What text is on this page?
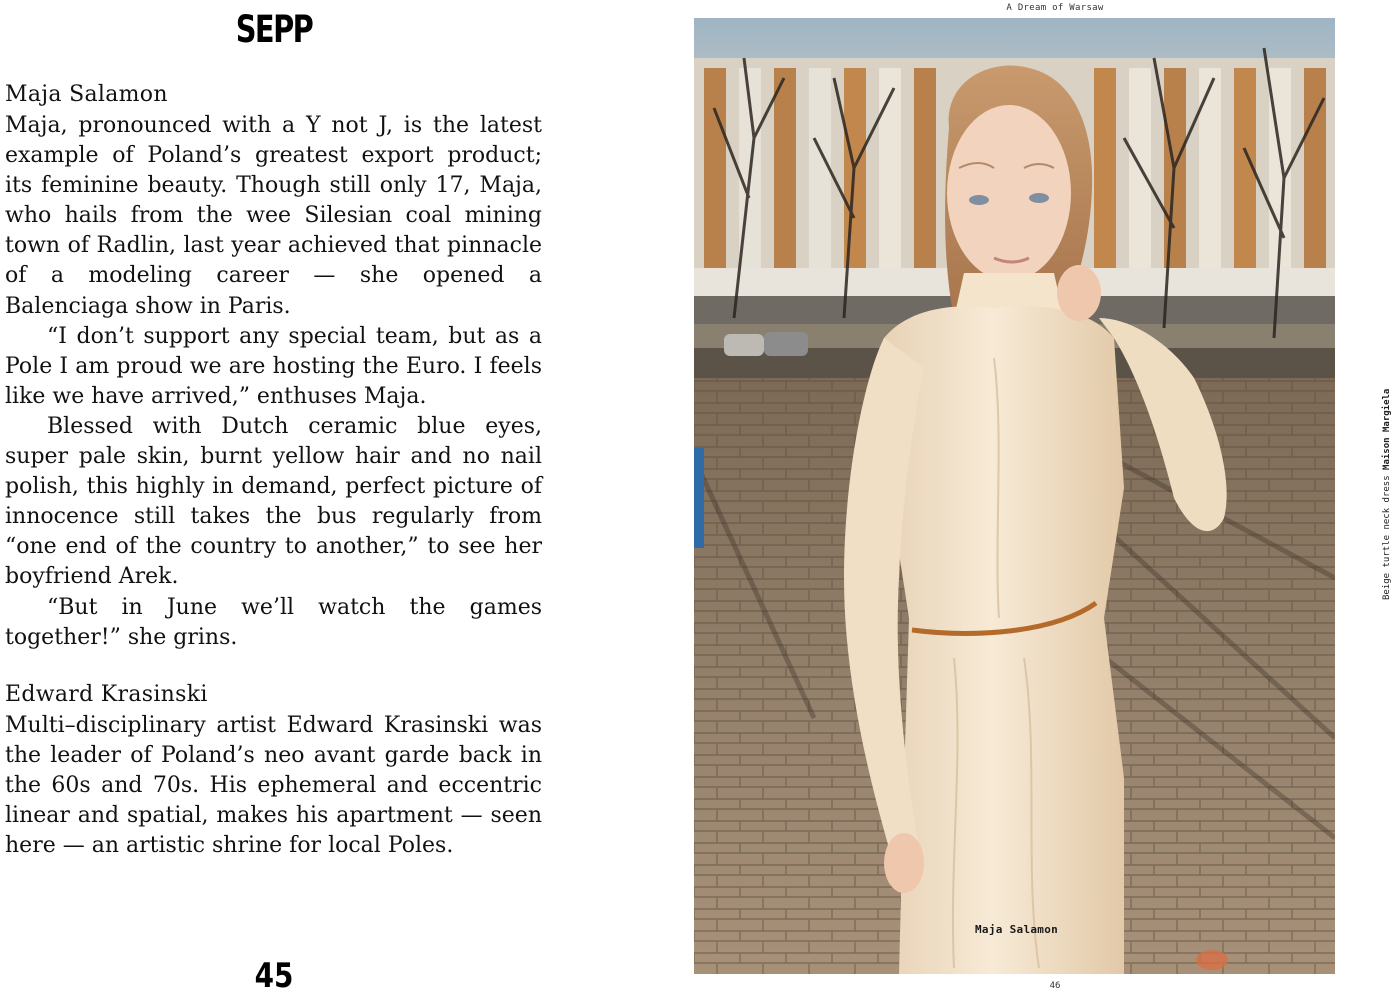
SEPP
Maja Salamon

Maja, pronounced with a Y not J, is the latest example of Poland’s greatest export product; its feminine beauty. Though still only 17, Maja, who hails from the wee Silesian coal mining town of Radlin, last year achieved that pinnacle of a modeling career — she opened a Balenciaga show in Paris.

“I don’t support any special team, but as a Pole I am proud we are hosting the Euro. I feels like we have arrived,” enthuses Maja.

Blessed with Dutch ceramic blue eyes, super pale skin, burnt yellow hair and no nail polish, this highly in demand, perfect picture of innocence still takes the bus regularly from “one end of the country to another,” to see her boyfriend Arek.

“But in June we’ll watch the games together!” she grins.

Edward Krasinski

Multi–disciplinary artist Edward Krasinski was the leader of Poland’s neo avant garde back in the 60s and 70s. His ephemeral and eccentric linear and spatial, makes his apartment — seen here — an artistic shrine for local Poles.

45
A Dream of Warsaw
Maja Salamon
Beige turtle neck dress Maison Margiela
46
